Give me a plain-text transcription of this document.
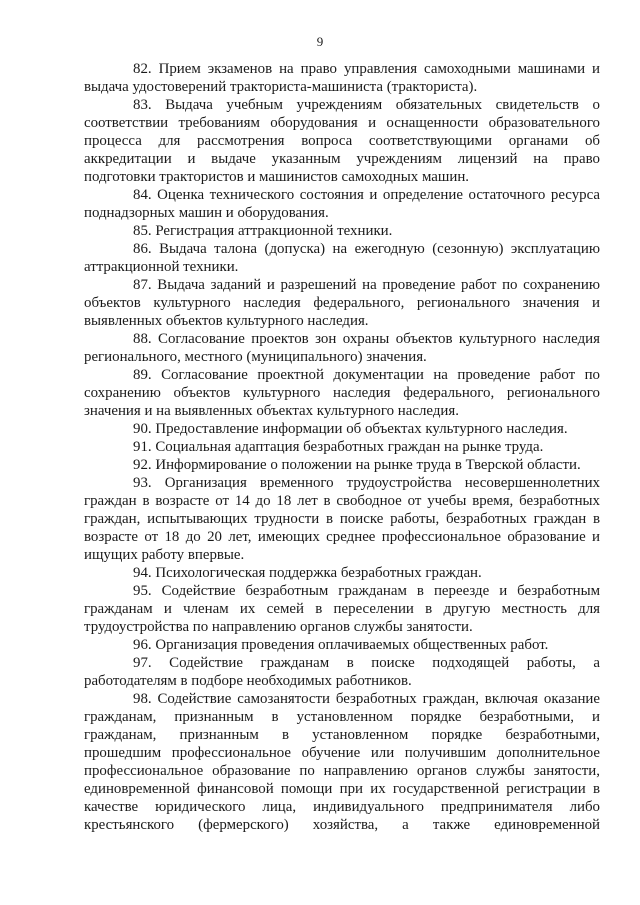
9
82. Прием экзаменов на право управления самоходными машинами и
выдача удостоверений тракториста-машиниста (тракториста).
83. Выдача учебным учреждениям обязательных свидетельств о
соответствии требованиям оборудования и оснащенности образовательного
процесса для рассмотрения вопроса соответствующими органами об
аккредитации и выдаче указанным учреждениям лицензий на право
подготовки трактористов и машинистов самоходных машин.
84. Оценка технического состояния и определение остаточного ресурса
поднадзорных машин и оборудования.
85. Регистрация аттракционной техники.
86. Выдача талона (допуска) на ежегодную (сезонную) эксплуатацию
аттракционной техники.
87. Выдача заданий и разрешений на проведение работ по сохранению
объектов культурного наследия федерального, регионального значения и
выявленных объектов культурного наследия.
88. Согласование проектов зон охраны объектов культурного наследия
регионального, местного (муниципального) значения.
89. Согласование проектной документации на проведение работ по
сохранению объектов культурного наследия федерального, регионального
значения и на выявленных объектах культурного наследия.
90. Предоставление информации об объектах культурного наследия.
91. Социальная адаптация безработных граждан на рынке труда.
92. Информирование о положении на рынке труда в Тверской области.
93. Организация временного трудоустройства несовершеннолетних
граждан в возрасте от 14 до 18 лет в свободное от учебы время, безработных
граждан, испытывающих трудности в поиске работы, безработных граждан в
возрасте от 18 до 20 лет, имеющих среднее профессиональное образование и
ищущих работу впервые.
94. Психологическая поддержка безработных граждан.
95. Содействие безработным гражданам в переезде и безработным
гражданам и членам их семей в переселении в другую местность для
трудоустройства по направлению органов службы занятости.
96. Организация проведения оплачиваемых общественных работ.
97. Содействие гражданам в поиске подходящей работы, а
работодателям в подборе необходимых работников.
98. Содействие самозанятости безработных граждан, включая оказание
гражданам, признанным в установленном порядке безработными, и
гражданам, признанным в установленном порядке безработными,
прошедшим профессиональное обучение или получившим дополнительное
профессиональное образование по направлению органов службы занятости,
единовременной финансовой помощи при их государственной регистрации в
качестве юридического лица, индивидуального предпринимателя либо
крестьянского (фермерского) хозяйства, а также единовременной
